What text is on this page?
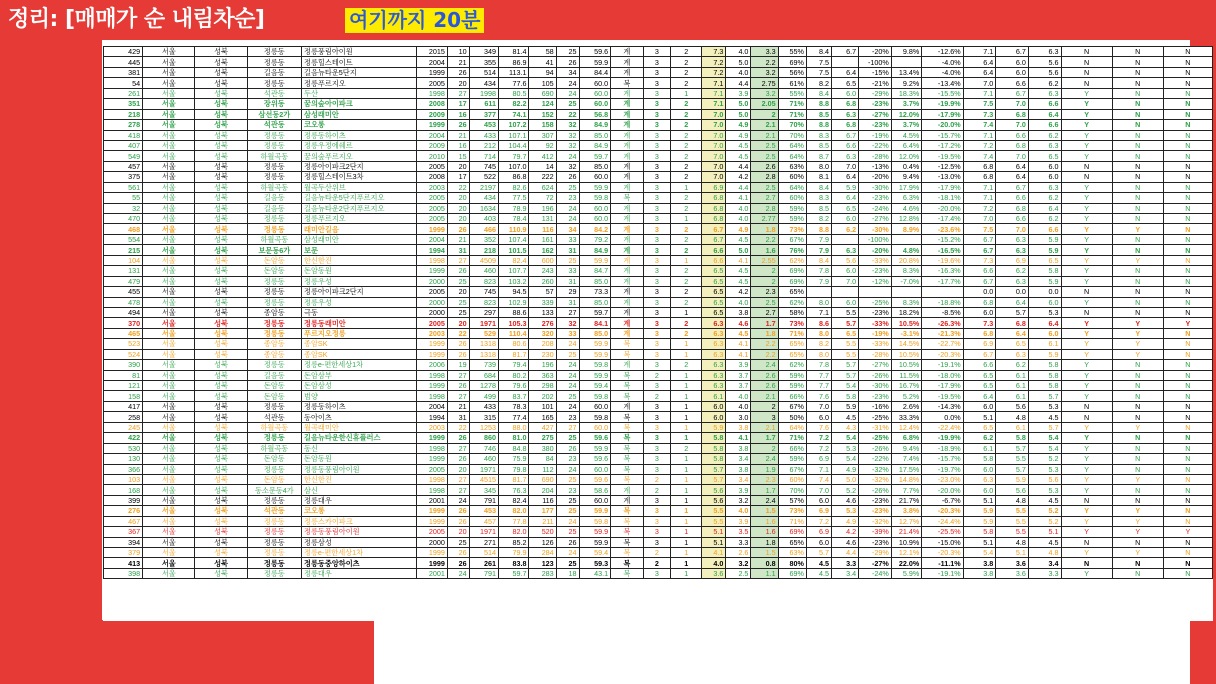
정리: [매매가 순 내림차순]	여기까지 20분
429	서울	성북	정릉동	정릉풍림아이원	2015	10	349	81.4	58	25	59.6	계	3	2	7.3	4.0	3.3	55%	8.4	6.7	-20%	9.8%	-12.6%	7.1	6.7	6.3	N	N	N
445	서울	성북	정릉동	정릉힐스테이트	2004	21	355	86.9	41	26	59.9	계	3	2	7.2	5.0	2.2	69%	7.5		-100%		-4.0%	6.4	6.0	5.6	N	N	N
381	서울	성북	길음동	길음뉴타운5단지	1999	26	514	113.1	94	34	84.4	계	3	2	7.2	4.0	3.2	56%	7.5	6.4	-15%	13.4%	-4.0%	6.4	6.0	5.6	N	N	N
54	서울	성북	정릉동	정릉푸르지오	2005	20	434	77.6	105	24	60.0	복	3	2	7.1	4.4	2.75	61%	8.2	6.5	-21%	9.2%	-13.4%	7.0	6.6	6.2	N	N	N
261	서울	성북	석관동	두산	1998	27	1998	80.5	690	24	60.0	계	3	1	7.1	3.9	3.2	55%	8.4	6.0	-29%	18.3%	-15.5%	7.1	6.7	6.3	Y	N	N
351	서울	성북	장위동	꿈의숲아이파크	2008	17	611	82.2	124	25	60.0	계	3	2	7.1	5.0	2.05	71%	8.8	6.8	-23%	3.7%	-19.9%	7.5	7.0	6.6	Y	N	N
218	서울	성북	삼선동2가	삼성래미안	2009	16	377	74.1	152	22	56.8	계	3	2	7.0	5.0	2	71%	8.5	6.3	-27%	12.0%	-17.9%	7.3	6.8	6.4	Y	N	N
278	서울	성북	석관동	코오롱	1999	26	453	107.2	158	32	84.9	계	3	2	7.0	4.9	2.1	70%	8.8	6.8	-23%	3.7%	-20.0%	7.4	7.0	6.6	Y	N	N
418	서울	성북	정릉동	정릉동하이츠	2004	21	433	107.1	307	32	85.0	계	3	2	7.0	4.9	2.1	70%	8.3	6.7	-19%	4.5%	-15.7%	7.1	6.6	6.2	Y	N	N
407	서울	성북	정릉동	정릉우정에쉐르	2009	16	212	104.4	92	32	84.9	계	3	2	7.0	4.5	2.5	64%	8.5	6.6	-22%	6.4%	-17.2%	7.2	6.8	6.3	Y	N	N
549	서울	성북	하월곡동	꿈의숲푸르지오	2010	15	714	79.7	412	24	59.7	계	3	2	7.0	4.5	2.5	64%	8.7	6.3	-28%	12.0%	-19.5%	7.4	7.0	6.5	Y	N	N
457	서울	성북	정릉동	정릉아이파크2단지	2005	20	745	107.0	14	32	85.0	계	3	2	7.0	4.4	2.6	63%	8.0	7.0	-13%	0.4%	-12.5%	6.8	6.4	6.0	N	N	N
375	서울	성북	정릉동	정릉힐스테이트3차	2008	17	522	86.8	222	26	60.0	계	3	2	7.0	4.2	2.8	60%	8.1	6.4	-20%	9.4%	-13.0%	6.8	6.4	6.0	N	N	N
561	서울	성북	하월곡동	월곡두산위브	2003	22	2197	82.6	624	25	59.9	계	3	1	6.9	4.4	2.5	64%	8.4	5.9	-30%	17.9%	-17.9%	7.1	6.7	6.3	Y	N	N
55	서울	성북	길음동	길음뉴타운5단지푸르지오	2005	20	434	77.5	72	23	59.8	복	3	2	6.8	4.1	2.7	60%	8.3	6.4	-23%	6.3%	-18.1%	7.1	6.6	6.2	Y	N	N
32	서울	성북	길음동	길음뉴타운2단지푸르지오	2005	20	1634	78.9	196	24	60.0	계	3	2	6.8	4.0	2.8	59%	8.5	6.5	-24%	4.6%	-20.0%	7.2	6.8	6.4	Y	N	N
470	서울	성북	정릉동	정릉푸르지오	2005	20	403	78.4	131	24	60.0	계	3	1	6.8	4.0	2.77	59%	8.2	6.0	-27%	12.8%	-17.4%	7.0	6.6	6.2	Y	N	N
468	서울	성북	정릉동	래미안길음	1999	26	466	110.9	116	34	84.2	계	3	2	6.7	4.9	1.8	73%	8.8	6.2	-30%	8.9%	-23.6%	7.5	7.0	6.6	Y	Y	N
554	서울	성북	하월곡동	삼성래미안	2004	21	352	107.4	161	33	79.2	계	3	2	6.7	4.5	2.2	67%	7.9		-100%		-15.2%	6.7	6.3	5.9	Y	N	N
215	서울	성북	보문동6가	보문	1994	31	218	101.5	162	31	84.9	계	3	2	6.6	5.0	1.6	76%	7.9	6.3	-20%	4.8%	-16.5%	6.7	6.3	5.9	Y	N	N
104	서울	성북	돈암동	한신한진	1998	27	4509	82.4	600	25	59.9	계	3	1	6.6	4.1	2.55	62%	8.4	5.6	-33%	20.8%	-19.6%	7.3	6.9	6.5	Y	Y	N
131	서울	성북	돈암동	돈암동원	1999	26	460	107.7	243	33	84.7	계	3	2	6.5	4.5	2	69%	7.8	6.0	-23%	8.3%	-16.3%	6.6	6.2	5.8	Y	N	N
479	서울	성북	정릉동	정릉우성	2000	25	823	103.2	260	31	85.0	계	3	2	6.5	4.5	2	69%	7.9	7.0	-12%	-7.0%	-17.7%	6.7	6.3	5.9	Y	N	N
455	서울	성북	정릉동	정릉아이파크2단지	2005	20	745	94.5	57	29	73.3	계	3	2	6.5	4.2	2.3	65%						0.0	0.0	0.0	N	N	N
478	서울	성북	정릉동	정릉우성	2000	25	823	102.9	339	31	85.0	계	3	2	6.5	4.0	2.5	62%	8.0	6.0	-25%	8.3%	-18.8%	6.8	6.4	6.0	Y	N	N
494	서울	성북	종암동	극동	2000	25	297	88.6	133	27	59.7	계	3	1	6.5	3.8	2.7	58%	7.1	5.5	-23%	18.2%	-8.5%	6.0	5.7	5.3	N	N	N
370	서울	성북	정릉동	정릉동래미안	2005	20	1971	105.3	276	32	84.1	계	3	2	6.3	4.6	1.7	73%	8.6	5.7	-33%	10.5%	-26.3%	7.3	6.8	6.4	Y	Y	Y
465	서울	성북	정릉동	푸르지오정릉	2003	22	529	110.4	320	33	85.0	계	3	2	6.3	4.5	1.8	71%	8.0	6.5	-19%	-3.1%	-21.3%	6.8	6.4	6.0	Y	Y	N
523	서울	성북	종암동	종암SK	1999	26	1318	80.6	208	24	59.9	복	3	1	6.3	4.1	2.2	65%	8.2	5.5	-33%	14.5%	-22.7%	6.9	6.5	6.1	Y	Y	N
524	서울	성북	종암동	종암SK	1999	26	1318	81.7	230	25	59.9	복	3	1	6.3	4.1	2.2	65%	8.0	5.5	-28%	10.5%	-20.3%	6.7	6.3	5.9	Y	Y	N
390	서울	성북	정릉동	정릉e-편한세상1차	2006	19	739	79.4	196	24	59.8	계	3	2	6.3	3.9	2.4	62%	7.8	5.7	-27%	10.5%	-19.1%	6.6	6.2	5.8	Y	N	N
81	서울	성북	길음동	돈암삼부	1998	27	684	80.2	363	24	59.9	복	2	1	6.3	3.7	2.6	59%	7.7	5.7	-26%	11.5%	-18.0%	6.5	6.1	5.8	Y	N	N
121	서울	성북	돈암동	돈암삼성	1999	26	1278	79.6	298	24	59.4	복	3	1	6.3	3.7	2.6	59%	7.7	5.4	-30%	16.7%	-17.9%	6.5	6.1	5.8	Y	N	N
158	서울	성북	돈암동	범양	1998	27	499	83.7	202	25	59.8	복	2	1	6.1	4.0	2.1	66%	7.6	5.8	-23%	5.2%	-19.5%	6.4	6.1	5.7	Y	N	N
417	서울	성북	정릉동	정릉동하이츠	2004	21	433	78.3	101	24	60.0	계	3	1	6.0	4.0	2	67%	7.0	5.9	-16%	2.6%	-14.3%	6.0	5.6	5.3	N	N	N
258	서울	성북	석관동	동아이츠	1994	31	315	77.4	165	23	59.8	복	3	1	6.0	3.0	3	50%	6.0	4.5	-25%	33.3%	0.0%	5.1	4.8	4.5	N	N	N
245	서울	성북	하월곡동	월곡래미안	2003	22	1253	88.0	427	27	60.0	복	3	1	5.9	3.8	2.1	64%	7.6	4.3	-31%	12.4%	-22.4%	6.5	6.1	5.7	Y	Y	N
422	서울	성북	정릉동	길음뉴타운한신휴플러스	1999	26	860	81.0	275	25	59.6	복	3	1	5.8	4.1	1.7	71%	7.2	5.4	-25%	6.8%	-19.9%	6.2	5.8	5.4	Y	N	N
530	서울	성북	하월곡동	동신	1998	27	746	84.8	380	26	59.9	복	3	2	5.8	3.8	2	66%	7.2	5.3	-26%	9.4%	-18.9%	6.1	5.7	5.4	Y	N	N
130	서울	성북	돈암동	돈암동원	1999	26	460	75.9	84	23	59.6	복	3	1	5.8	3.4	2.4	59%	6.9	5.4	-22%	7.4%	-15.7%	5.8	5.5	5.2	Y	N	N
366	서울	성북	정릉동	정릉동풍림아이원	2005	20	1971	79.8	112	24	60.0	복	3	1	5.7	3.8	1.9	67%	7.1	4.9	-32%	17.5%	-19.7%	6.0	5.7	5.3	Y	N	N
103	서울	성북	돈암동	한신한진	1998	27	4515	81.7	690	25	59.6	복	2	1	5.7	3.4	2.3	60%	7.4	5.0	-32%	14.8%	-23.0%	6.3	5.9	5.6	Y	Y	N
168	서울	성북	동소문동4가	삼신	1998	27	345	76.3	204	23	58.6	계	2	1	5.6	3.9	1.7	70%	7.0	5.2	-26%	7.7%	-20.0%	6.0	5.6	5.3	Y	N	N
399	서울	성북	정릉동	정릉대우	2001	24	791	82.4	116	25	60.0	계	3	1	5.6	3.2	2.4	57%	6.0	4.6	-23%	21.7%	-6.7%	5.1	4.8	4.5	N	N	N
276	서울	성북	석관동	코오롱	1999	26	453	82.0	177	25	59.9	복	3	1	5.5	4.0	1.5	73%	6.9	5.3	-23%	3.8%	-20.3%	5.9	5.5	5.2	Y	Y	N
467	서울	성북	정릉동	정릉스카이파크	1999	26	457	77.8	211	24	59.8	복	3	1	5.5	3.9	1.6	71%	7.2	4.9	-32%	12.7%	-24.4%	5.9	5.5	5.2	Y	Y	N
367	서울	성북	정릉동	정릉동풍림아이원	2005	20	1971	82.0	520	25	59.9	복	3	1	5.1	3.5	1.6	69%	6.9	4.2	-39%	21.4%	-25.5%	5.8	5.5	5.1	Y	Y	Y
394	서울	성북	정릉동	정릉삼성	2000	25	271	85.2	126	26	59.9	복	3	1	5.1	3.3	1.8	65%	6.0	4.6	-23%	10.9%	-15.0%	5.1	4.8	4.5	N	N	N
379	서울	성북	정릉동	정릉e-편한세상1차	1999	26	514	79.9	284	24	59.4	복	2	1	4.1	2.6	1.5	63%	5.7	4.4	-29%	12.1%	-20.3%	5.4	5.1	4.8	Y	Y	N
413	서울	성북	정릉동	정릉동중앙하이츠	1999	26	261	83.8	123	25	59.3	복	2	1	4.0	3.2	0.8	80%	4.5	3.3	-27%	22.0%	-11.1%	3.8	3.6	3.4	N	N	N
398	서울	성북	정릉동	정릉대우	2001	24	791	59.7	283	18	43.1	복	3	1	3.6	2.5	1.1	69%	4.5	3.4	-24%	5.9%	-19.1%	3.8	3.6	3.3	Y	N	N
